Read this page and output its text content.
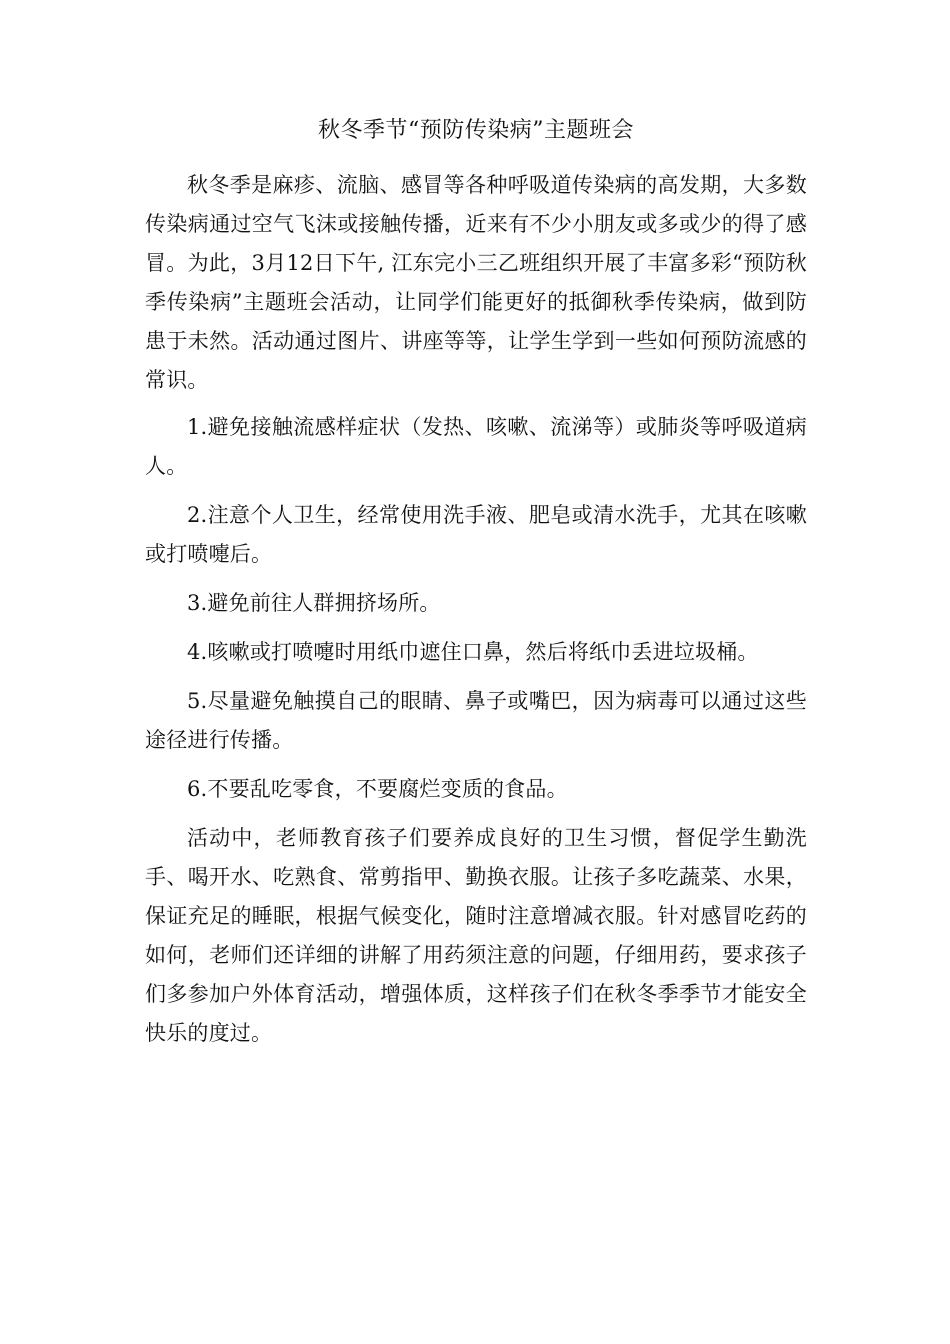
秋冬季节“预防传染病”主题班会

秋冬季是麻疹、流脑、感冒等各种呼吸道传染病的高发期，大多数传染病通过空气飞沫或接触传播，近来有不少小朋友或多或少的得了感冒。为此，3月12日下午, 江东完小三乙班组织开展了丰富多彩“预防秋季传染病”主题班会活动，让同学们能更好的抵御秋季传染病，做到防患于未然。活动通过图片、讲座等等，让学生学到一些如何预防流感的常识。

1.避免接触流感样症状（发热、咳嗽、流涕等）或肺炎等呼吸道病人。

2.注意个人卫生，经常使用洗手液、肥皂或清水洗手，尤其在咳嗽或打喷嚏后。

3.避免前往人群拥挤场所。

4.咳嗽或打喷嚏时用纸巾遮住口鼻，然后将纸巾丢进垃圾桶。

5.尽量避免触摸自己的眼睛、鼻子或嘴巴，因为病毒可以通过这些途径进行传播。

6.不要乱吃零食，不要腐烂变质的食品。

活动中，老师教育孩子们要养成良好的卫生习惯，督促学生勤洗手、喝开水、吃熟食、常剪指甲、勤换衣服。让孩子多吃蔬菜、水果，保证充足的睡眠，根据气候变化，随时注意增减衣服。针对感冒吃药的如何，老师们还详细的讲解了用药须注意的问题，仔细用药，要求孩子们多参加户外体育活动，增强体质，这样孩子们在秋冬季季节才能安全快乐的度过。
